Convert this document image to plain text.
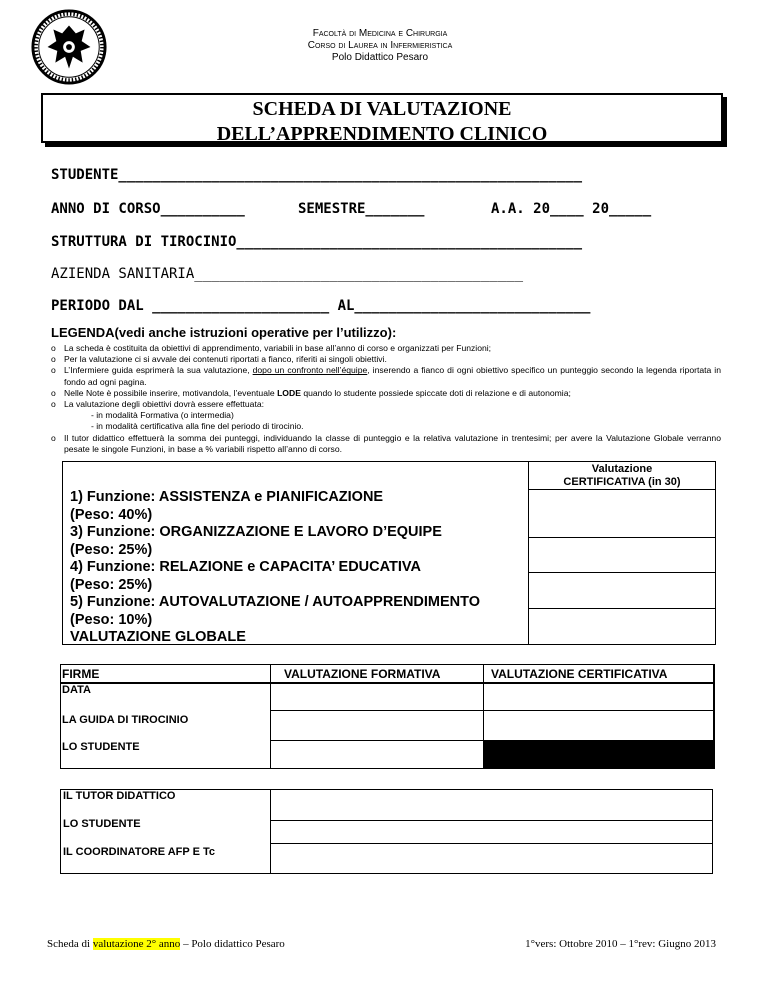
Facoltà di Medicina e Chirurgia
Corso di Laurea in Infermieristica
Polo Didattico Pesaro
SCHEDA DI VALUTAZIONE
DELL’APPRENDIMENTO CLINICO
STUDENTE_______________________________________________________
ANNO DI CORSO__________	SEMESTRE_______	A.A. 20____ 20_____
STRUTTURA DI TIROCINIO_________________________________________
AZIENDA SANITARIA_______________________________________
PERIODO DAL _____________________ AL____________________________
LEGENDA(vedi anche istruzioni operative per l’utilizzo):
o La scheda è costituita da obiettivi di apprendimento, variabili in base all’anno di corso e organizzati per Funzioni;
o Per la valutazione ci si avvale dei contenuti riportati a fianco, riferiti ai singoli obiettivi.
o L’Infermiere guida esprimerà la sua valutazione, dopo un confronto nell’équipe, inserendo a fianco di ogni obiettivo specifico un punteggio secondo la legenda riportata in fondo ad ogni pagina.
o Nelle Note è possibile inserire, motivandola, l’eventuale LODE quando lo studente possiede spiccate doti di relazione e di autonomia;
o La valutazione degli obiettivi dovrà essere effettuata:
- in modalità Formativa (o intermedia)
- in modalità certificativa alla fine del periodo di tirocinio.
o Il tutor didattico effettuerà la somma dei punteggi, individuando la classe di punteggio e la relativa valutazione in trentesimi; per avere la Valutazione Globale verranno pesate le singole Funzioni, in base a % variabili rispetto all’anno di corso.
Valutazione
CERTIFICATIVA (in 30)
1) Funzione: ASSISTENZA e PIANIFICAZIONE
(Peso: 40%)
3) Funzione: ORGANIZZAZIONE E LAVORO D’EQUIPE
(Peso: 25%)
4) Funzione: RELAZIONE e CAPACITA’ EDUCATIVA
(Peso: 25%)
5) Funzione: AUTOVALUTAZIONE / AUTOAPPRENDIMENTO
(Peso: 10%)
VALUTAZIONE GLOBALE
FIRME	VALUTAZIONE FORMATIVA	VALUTAZIONE CERTIFICATIVA
DATA
LA GUIDA DI TIROCINIO
LO STUDENTE
IL TUTOR DIDATTICO
LO STUDENTE
IL COORDINATORE AFP E Tc
Scheda di valutazione 2° anno – Polo didattico Pesaro	1°vers: Ottobre 2010 – 1°rev: Giugno 2013
